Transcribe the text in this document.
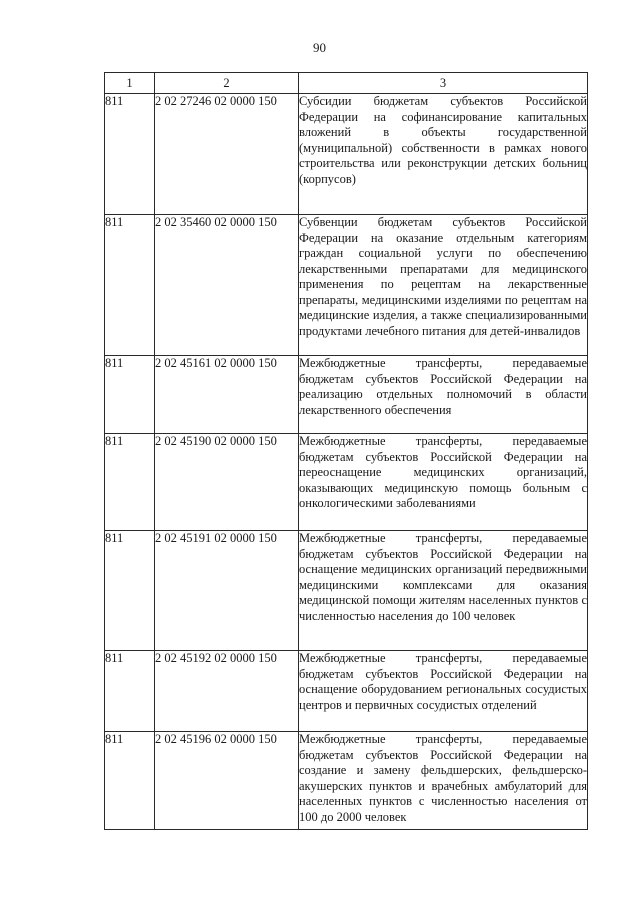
90
1	2	3
811	2 02 27246 02 0000 150	Субсидии бюджетам субъектов Российской Федерации на софинансирование капитальных вложений в объекты государственной (муниципальной) собственности в рамках нового строительства или реконструкции детских больниц (корпусов)
811	2 02 35460 02 0000 150	Субвенции бюджетам субъектов Российской Федерации на оказание отдельным категориям граждан социальной услуги по обеспечению лекарственными препаратами для медицинского применения по рецептам на лекарственные препараты, медицинскими изделиями по рецептам на медицинские изделия, а также специализированными продуктами лечебного питания для детей-инвалидов
811	2 02 45161 02 0000 150	Межбюджетные трансферты, передаваемые бюджетам субъектов Российской Федерации на реализацию отдельных полномочий в области лекарственного обеспечения
811	2 02 45190 02 0000 150	Межбюджетные трансферты, передаваемые бюджетам субъектов Российской Федерации на переоснащение медицинских организаций, оказывающих медицинскую помощь больным с онкологическими заболеваниями
811	2 02 45191 02 0000 150	Межбюджетные трансферты, передаваемые бюджетам субъектов Российской Федерации на оснащение медицинских организаций передвижными медицинскими комплексами для оказания медицинской помощи жителям населенных пунктов с численностью населения до 100 человек
811	2 02 45192 02 0000 150	Межбюджетные трансферты, передаваемые бюджетам субъектов Российской Федерации на оснащение оборудованием региональных сосудистых центров и первичных сосудистых отделений
811	2 02 45196 02 0000 150	Межбюджетные трансферты, передаваемые бюджетам субъектов Российской Федерации на создание и замену фельдшерских, фельдшерско-акушерских пунктов и врачебных амбулаторий для населенных пунктов с численностью населения от 100 до 2000 человек
